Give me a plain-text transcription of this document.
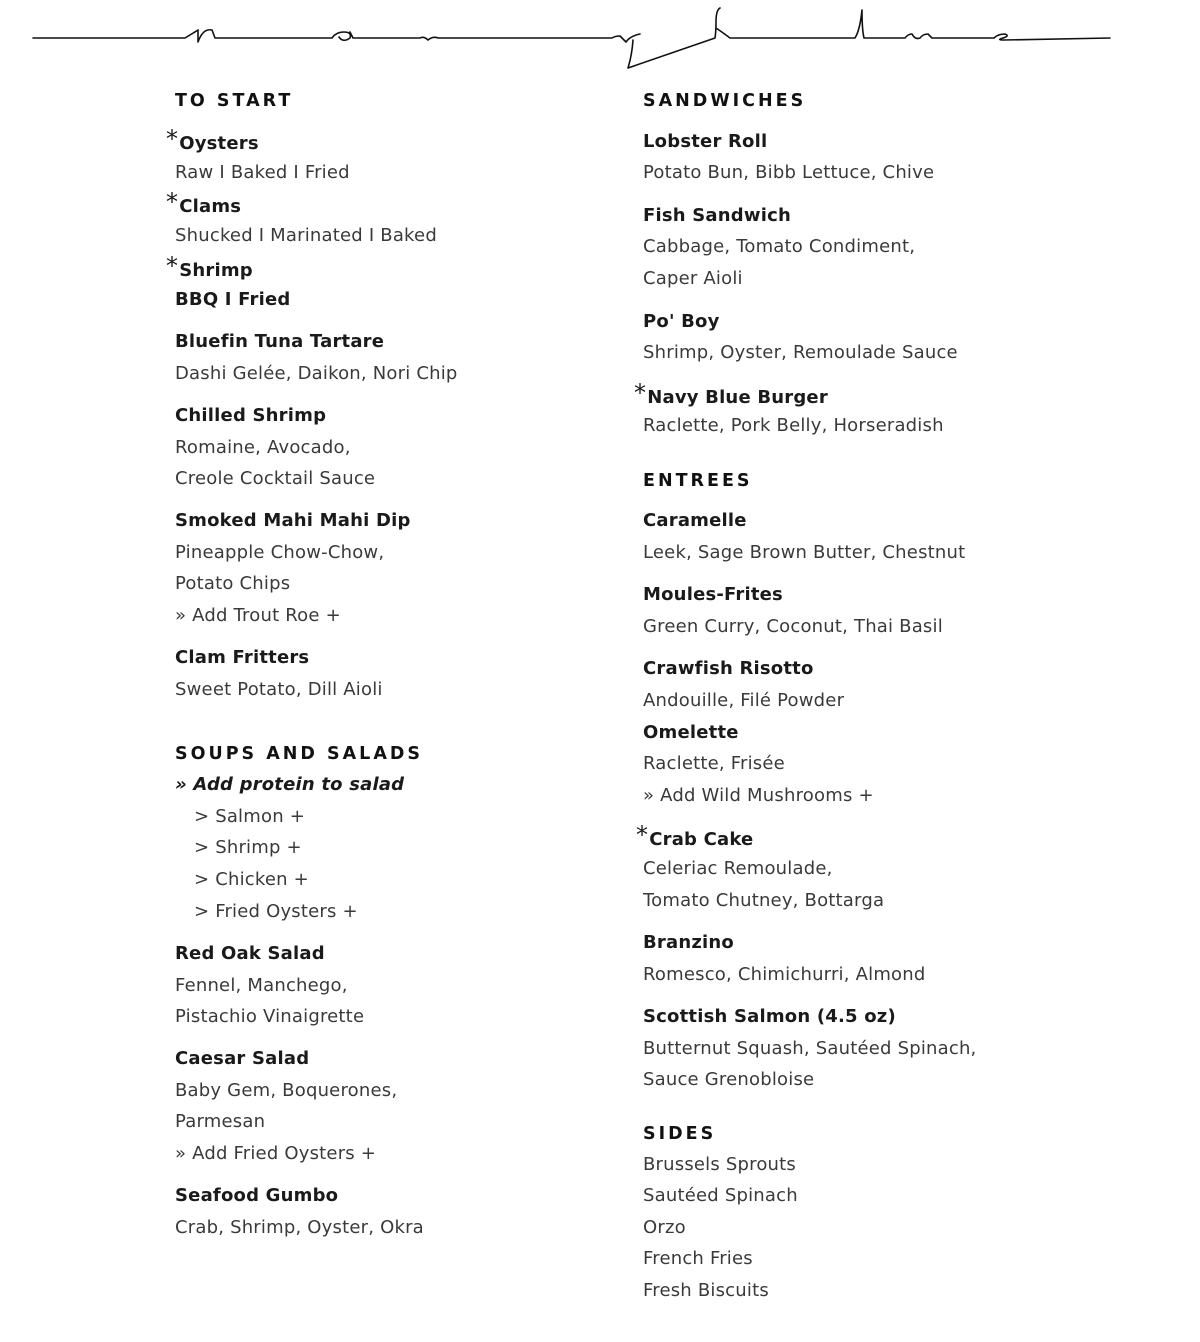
TO START
*Oysters
Raw I Baked I Fried
*Clams
Shucked I Marinated I Baked
*Shrimp
BBQ I Fried
Bluefin Tuna Tartare
Dashi Gelée, Daikon, Nori Chip
Chilled Shrimp
Romaine, Avocado,
Creole Cocktail Sauce
Smoked Mahi Mahi Dip
Pineapple Chow-Chow,
Potato Chips
» Add Trout Roe +
Clam Fritters
Sweet Potato, Dill Aioli
SOUPS AND SALADS
» Add protein to salad
> Salmon +
> Shrimp +
> Chicken +
> Fried Oysters +
Red Oak Salad
Fennel, Manchego,
Pistachio Vinaigrette
Caesar Salad
Baby Gem, Boquerones,
Parmesan
» Add Fried Oysters +
Seafood Gumbo
Crab, Shrimp, Oyster, Okra
SANDWICHES
Lobster Roll
Potato Bun, Bibb Lettuce, Chive
Fish Sandwich
Cabbage, Tomato Condiment,
Caper Aioli
Po' Boy
Shrimp, Oyster, Remoulade Sauce
*Navy Blue Burger
Raclette, Pork Belly, Horseradish
ENTREES
Caramelle
Leek, Sage Brown Butter, Chestnut
Moules-Frites
Green Curry, Coconut, Thai Basil
Crawfish Risotto
Andouille, Filé Powder
Omelette
Raclette, Frisée
» Add Wild Mushrooms +
*Crab Cake
Celeriac Remoulade,
Tomato Chutney, Bottarga
Branzino
Romesco, Chimichurri, Almond
Scottish Salmon (4.5 oz)
Butternut Squash, Sautéed Spinach,
Sauce Grenobloise
SIDES
Brussels Sprouts
Sautéed Spinach
Orzo
French Fries
Fresh Biscuits
